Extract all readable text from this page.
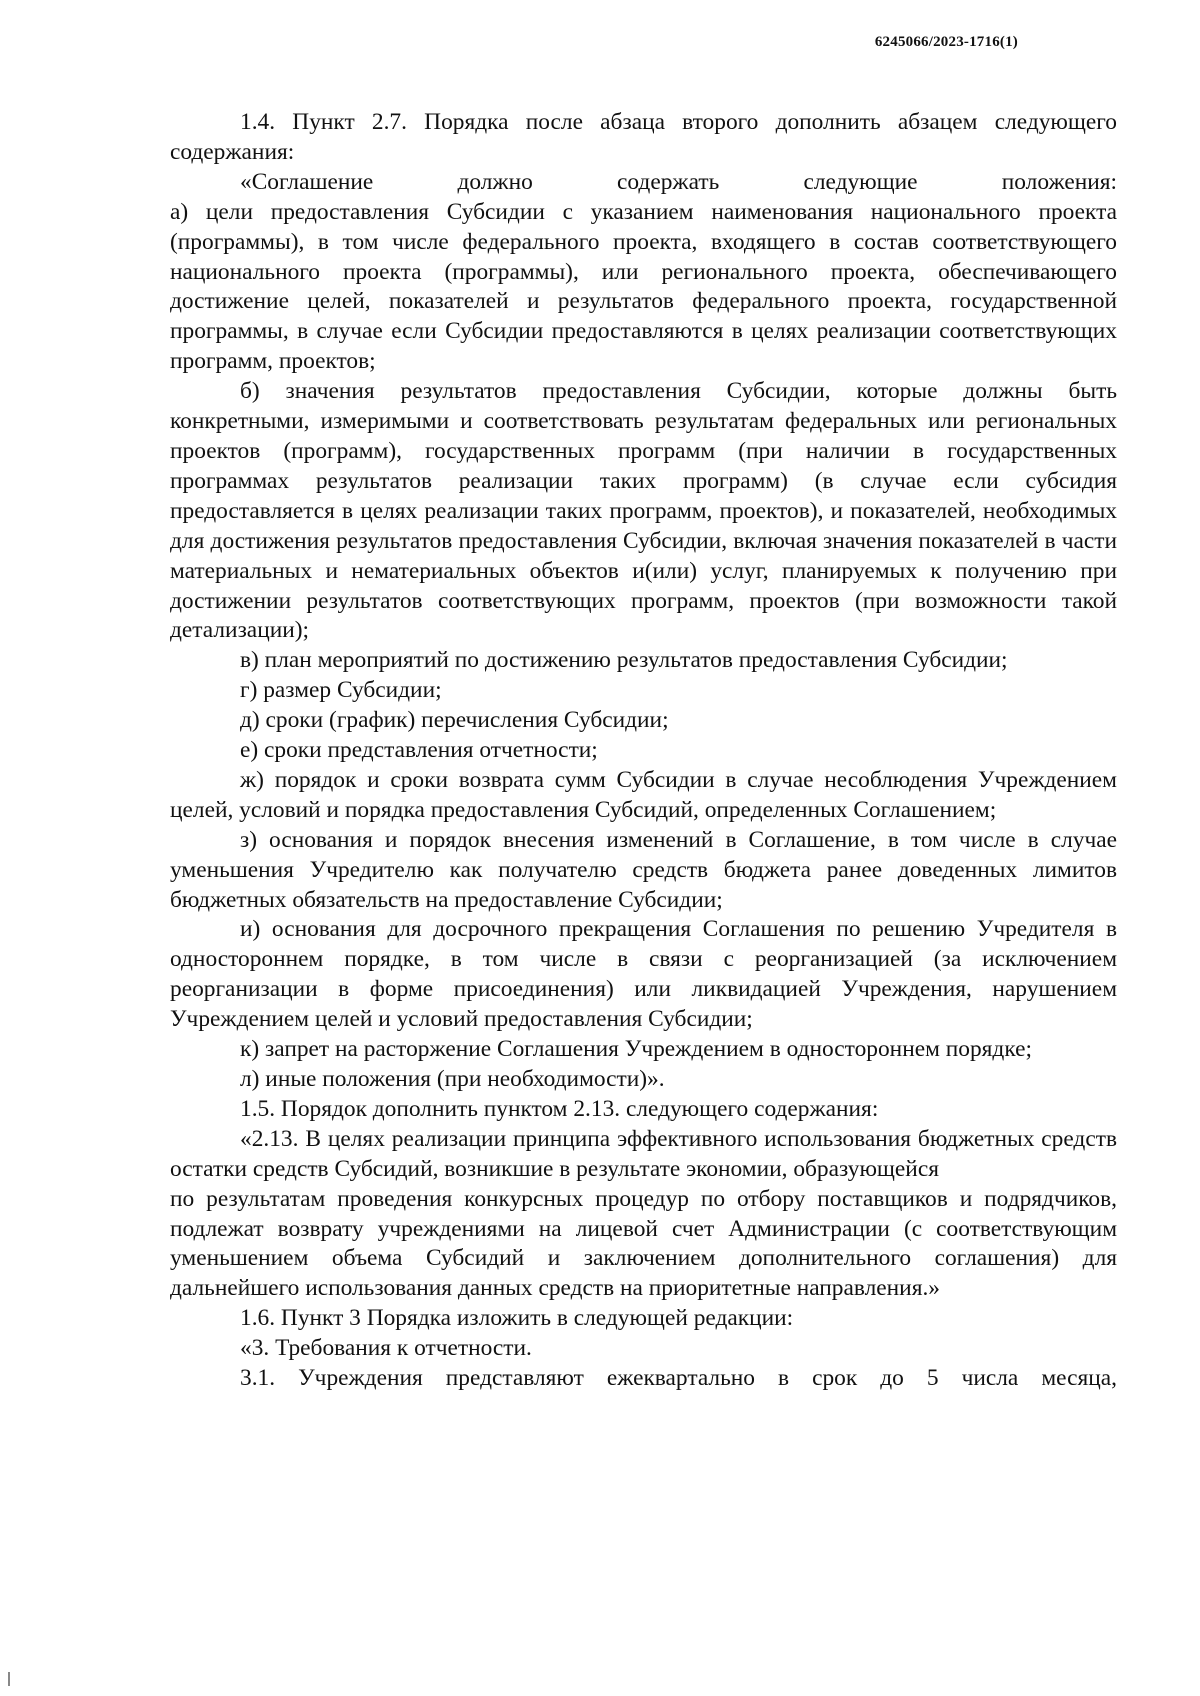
6245066/2023-1716(1)

1.4. Пункт 2.7. Порядка после абзаца второго дополнить абзацем следующего содержания:

«Соглашение должно содержать следующие положения:

а) цели предоставления Субсидии с указанием наименования национального проекта (программы), в том числе федерального проекта, входящего в состав соответствующего национального проекта (программы), или регионального проекта, обеспечивающего достижение целей, показателей и результатов федерального проекта, государственной программы, в случае если Субсидии предоставляются в целях реализации соответствующих программ, проектов;

б) значения результатов предоставления Субсидии, которые должны быть конкретными, измеримыми и соответствовать результатам федеральных или региональных проектов (программ), государственных программ (при наличии в государственных программах результатов реализации таких программ) (в случае если субсидия предоставляется в целях реализации таких программ, проектов), и показателей, необходимых для достижения результатов предоставления Субсидии, включая значения показателей в части материальных и нематериальных объектов и(или) услуг, планируемых к получению при достижении результатов соответствующих программ, проектов (при возможности такой детализации);

в) план мероприятий по достижению результатов предоставления Субсидии;

г) размер Субсидии;

д) сроки (график) перечисления Субсидии;

е) сроки представления отчетности;

ж) порядок и сроки возврата сумм Субсидии в случае несоблюдения Учреждением целей, условий и порядка предоставления Субсидий, определенных Соглашением;

з) основания и порядок внесения изменений в Соглашение, в том числе в случае уменьшения Учредителю как получателю средств бюджета ранее доведенных лимитов бюджетных обязательств на предоставление Субсидии;

и) основания для досрочного прекращения Соглашения по решению Учредителя в одностороннем порядке, в том числе в связи с реорганизацией (за исключением реорганизации в форме присоединения) или ликвидацией Учреждения, нарушением Учреждением целей и условий предоставления Субсидии;

к) запрет на расторжение Соглашения Учреждением в одностороннем порядке;

л) иные положения (при необходимости)».

1.5. Порядок дополнить пунктом 2.13. следующего содержания:

«2.13. В целях реализации принципа эффективного использования бюджетных средств остатки средств Субсидий, возникшие в результате экономии, образующейся

по результатам проведения конкурсных процедур по отбору поставщиков и подрядчиков, подлежат возврату учреждениями на лицевой счет Администрации (с соответствующим уменьшением объема Субсидий и заключением дополнительного соглашения) для дальнейшего использования данных средств на приоритетные направления.»

1.6. Пункт 3 Порядка изложить в следующей редакции:

«3. Требования к отчетности.

3.1. Учреждения представляют ежеквартально в срок до 5 числа месяца,
